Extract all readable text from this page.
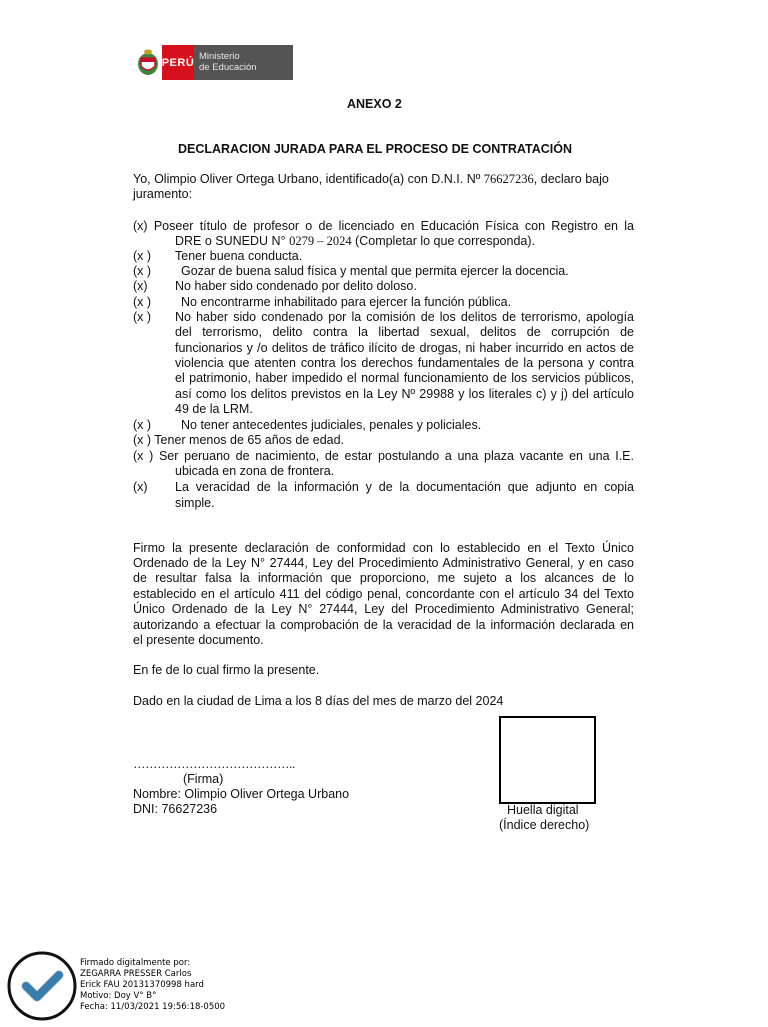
PERÚ Ministerio
de Educación
ANEXO 2
DECLARACION JURADA PARA EL PROCESO DE CONTRATACIÓN
Yo, Olimpio Oliver Ortega Urbano, identificado(a) con D.N.I. Nº 76627236, declaro bajo
juramento:
(x) Poseer título de profesor o de licenciado en Educación Física con Registro en la
DRE o SUNEDU N° 0279 – 2024 (Completar lo que corresponda).
(x ) Tener buena conducta.
(x ) Gozar de buena salud física y mental que permita ejercer la docencia.
(x) No haber sido condenado por delito doloso.
(x ) No encontrarme inhabilitado para ejercer la función pública.
(x ) No haber sido condenado por la comisión de los delitos de terrorismo, apología
del terrorismo, delito contra la libertad sexual, delitos de corrupción de
funcionarios y /o delitos de tráfico ilícito de drogas, ni haber incurrido en actos de
violencia que atenten contra los derechos fundamentales de la persona y contra
el patrimonio, haber impedido el normal funcionamiento de los servicios públicos,
así como los delitos previstos en la Ley Nº 29988 y los literales c) y j) del artículo
49 de la LRM.
(x ) No tener antecedentes judiciales, penales y policiales.
(x ) Tener menos de 65 años de edad.
(x ) Ser peruano de nacimiento, de estar postulando a una plaza vacante en una I.E.
ubicada en zona de frontera.
(x) La veracidad de la información y de la documentación que adjunto en copia
simple.
Firmo la presente declaración de conformidad con lo establecido en el Texto Único
Ordenado de la Ley N° 27444, Ley del Procedimiento Administrativo General, y en caso
de resultar falsa la información que proporciono, me sujeto a los alcances de lo
establecido en el artículo 411 del código penal, concordante con el artículo 34 del Texto
Único Ordenado de la Ley N° 27444, Ley del Procedimiento Administrativo General;
autorizando a efectuar la comprobación de la veracidad de la información declarada en
el presente documento.
En fe de lo cual firmo la presente.
Dado en la ciudad de Lima a los 8 días del mes de marzo del 2024
…………………………………..
(Firma)
Nombre: Olimpio Oliver Ortega Urbano
DNI: 76627236	Huella digital
(Índice derecho)
Firmado digitalmente por:
ZEGARRA PRESSER Carlos
Erick FAU 20131370998 hard
Motivo: Doy V° B°
Fecha: 11/03/2021 19:56:18-0500
